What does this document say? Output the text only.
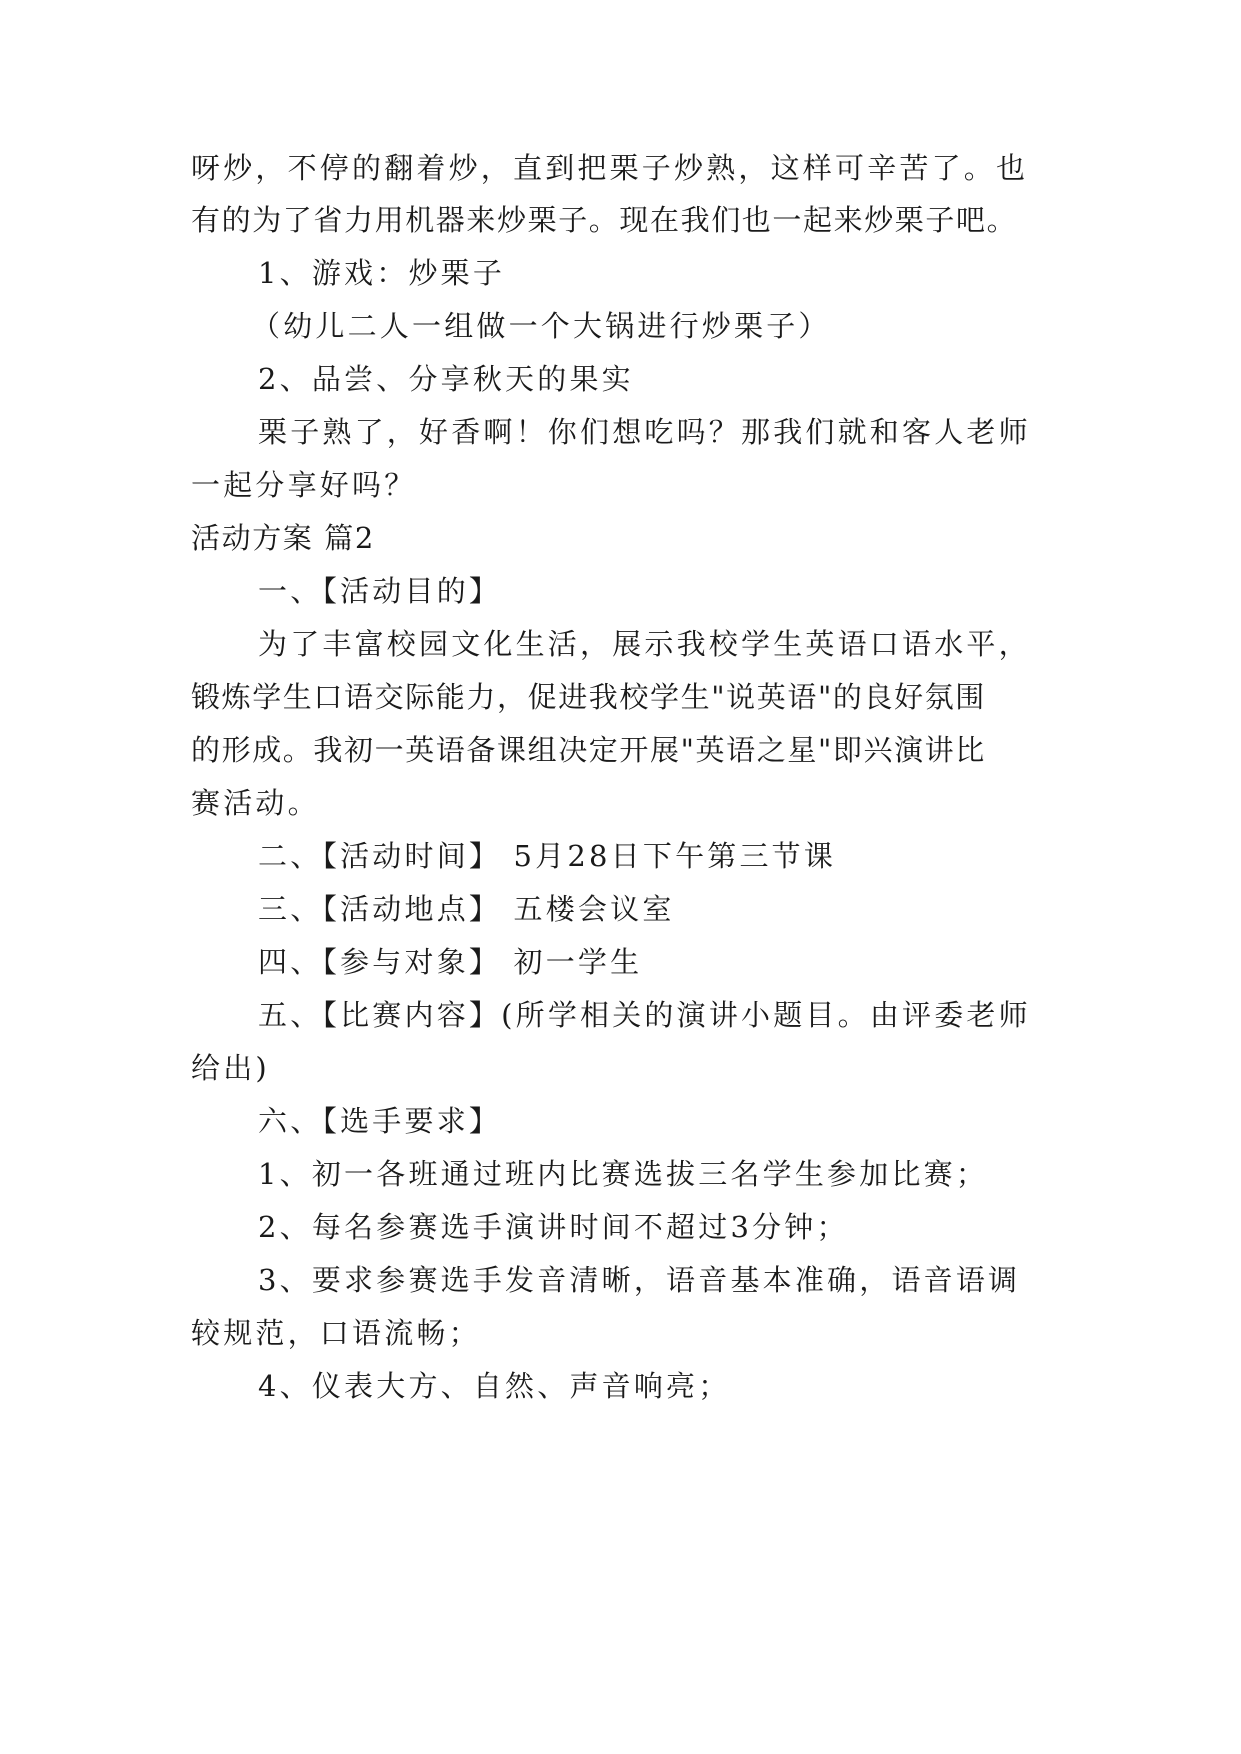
呀炒，不停的翻着炒，直到把栗子炒熟，这样可辛苦了。也
有的为了省力用机器来炒栗子。现在我们也一起来炒栗子吧。
1、游戏：炒栗子
（幼儿二人一组做一个大锅进行炒栗子）
2、品尝、分享秋天的果实
栗子熟了，好香啊！你们想吃吗？那我们就和客人老师
一起分享好吗？
活动方案 篇2
一、【活动目的】
为了丰富校园文化生活，展示我校学生英语口语水平，
锻炼学生口语交际能力，促进我校学生"说英语"的良好氛围
的形成。我初一英语备课组决定开展"英语之星"即兴演讲比
赛活动。
二、【活动时间】 5月28日下午第三节课
三、【活动地点】 五楼会议室
四、【参与对象】 初一学生
五、【比赛内容】(所学相关的演讲小题目。由评委老师
给出)
六、【选手要求】
1、初一各班通过班内比赛选拔三名学生参加比赛；
2、每名参赛选手演讲时间不超过3分钟；
3、要求参赛选手发音清晰，语音基本准确，语音语调
较规范，口语流畅；
4、仪表大方、自然、声音响亮；
